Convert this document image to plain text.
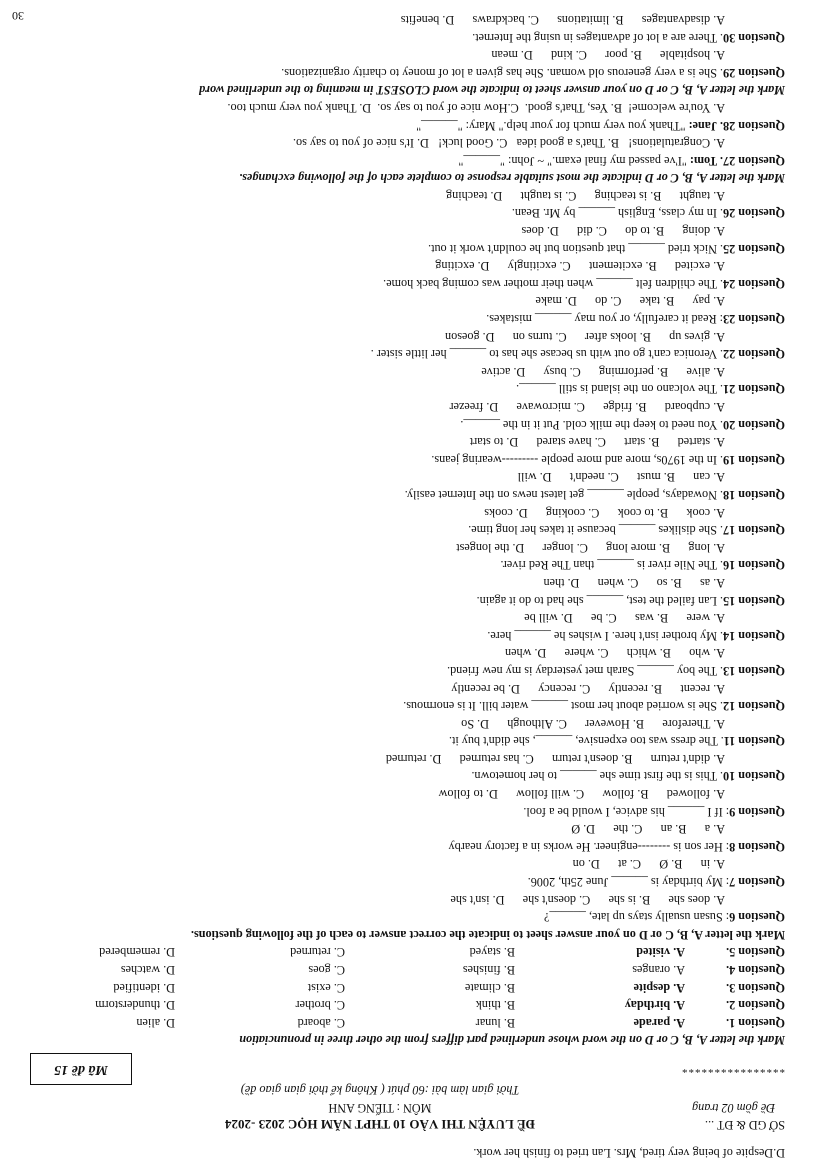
D.Despite of being very tired, Mrs. Lan tried to finish her work.
SỞ GD & ĐT ...
Đề gồm 02 trang
ĐỀ LUYỆN THI VÀO 10 THPT NĂM HỌC 2023 -2024
MÔN : TIẾNG ANH
Thời gian làm bài :60 phút ( Không kể thời gian giao đề)
****************
Mã đề 15
Mark the letter A, B, C or D on the word whose underlined part differs from the other three in pronunciation
Question 1.A. paradeB. lunarC. aboardD. alien
Question 2.A. birthdayB. thinkC. brotherD. thunderstorm
Question 3.A. despiteB. climateC. existD. identified
Question 4.A. orangesB. finishesC. goesD. watches
Question 5.A. visitedB. stayedC. returnedD. remembered
Mark the letter A, B, C or D on your answer sheet to indicate the correct answer to each of the following questions.
Question 6: Susan usually stays up late, ______?
A. does she      B. is she      C. doesn't she      D. isn't she
Question 7: My birthday is ______ June 25th, 2006.
A. in      B. Ø      C. at      D. on
Question 8: Her son is --------engineer. He works in a factory nearby
A. a      B. an      C. the      D. Ø
Question 9: If I ______ his advice, I would be a fool.
A. followed      B. follow      C. will follow      D. to follow
Question 10. This is the first time she ______ to her hometown.
A. didn't return      B. doesn't return      C. has returned      D. returned
Question 11. The dress was too expensive, ______, she didn't buy it.
A. Therefore      B. However      C. Although      D. So
Question 12. She is worried about her most ______ water bill. It is enormous.
A. recent      B. recently      C. recency      D. be recently
Question 13. The boy ______ Sarah met yesterday is my new friend.
A. who      B. which      C. where      D. when
Question 14. My brother isn't here. I wishes he ______ here.
A. were      B. was      C. be      D. will be
Question 15. Lan failed the test, ______ she had to do it again.
A. as      B. so      C. when      D. then
Question 16. The Nile river is ______ than The Red river.
A. long      B. more long      C. longer      D. the longest
Question 17. She dislikes ______ because it takes her long time.
A. cook      B. to cook      C. cooking      D. cooks
Question 18. Nowadays, people ______ get latest news on the Internet easily.
A. can      B. must      C. needn't      D. will
Question 19. In the 1970s, more and more people ---------wearing jeans.
A. started      B. start      C. have stared      D. to start
Question 20. You need to keep the milk cold. Put it in the ______.
A. cupboard      B. fridge      C. microwave      D. freezer
Question 21. The volcano on the island is still ______.
A. alive      B. performing      C. busy      D. active
Question 22. Veronica can't go out with us becase she has to ______ her little sister .
A. gives up      B. looks after      C. turns on      D. goeson
Question 23: Read it carefully, or you may ______ mistakes.
A. pay      B. take      C. do      D. make
Question 24. The children felt ______ when their mother was coming back home.
A. excited      B. excitement      C. excitingly      D. exciting
Question 25. Nick tried ______ that question but he couldn't work it out.
A. doing      B. to do      C. did      D. does
Question 26. In my class, English ______ by Mr. Bean.
A. taught      B. is teaching      C. is taught      D. teaching
Mark the letter A, B, C or D indicate the most suitable response to complete each of the following exchanges.
Question 27. Tom: "I've passed my final exam." ~ John: "______"
A. Congratulations!   B. That's a good idea   C. Good luck!   D. It's nice of you to say so.
Question 28. Jane: "Thank you very much for your help." Mary: "______"
A. You're welcome!  B. Yes, That's good.  C.How nice of you to say so.  D. Thank you very much too.
Mark the letter A, B, C or D on your answer sheet to indicate the word CLOSEST in meaning to the underlined word
Question 29. She is a very generous old woman. She has given a lot of money to charity organizations.
A. hospitable      B. poor      C. kind      D. mean
Question 30. There are a lot of advantages in using the Internet.
A. disadvantages      B. limitations      C. backdraws      D. benefits
30
